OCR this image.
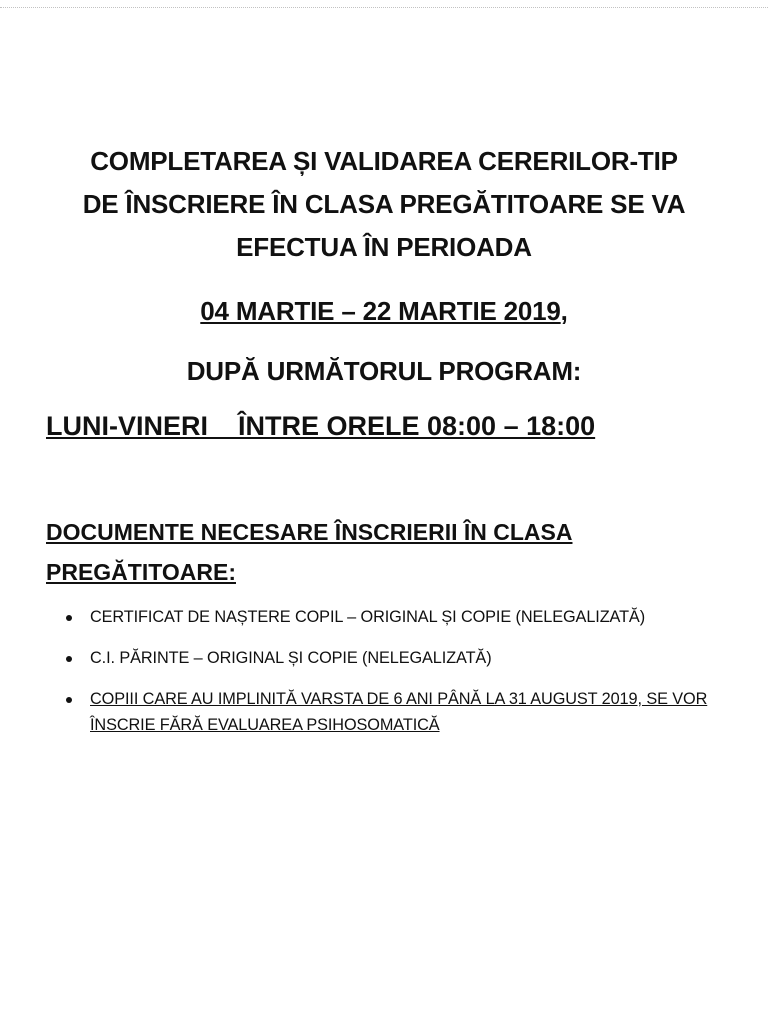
COMPLETAREA ȘI VALIDAREA CERERILOR-TIP
DE ÎNSCRIERE ÎN CLASA PREGĂTITOARE SE VA
EFECTUA ÎN PERIOADA
04 MARTIE – 22 MARTIE 2019,
DUPĂ URMĂTORUL PROGRAM:
LUNI-VINERI    ÎNTRE ORELE 08:00 – 18:00
DOCUMENTE NECESARE ÎNSCRIERII ÎN CLASA PREGĂTITOARE:
CERTIFICAT DE NAȘTERE COPIL – ORIGINAL ȘI COPIE (NELEGALIZATĂ)
C.I. PĂRINTE – ORIGINAL ȘI COPIE (NELEGALIZATĂ)
COPIII CARE AU IMPLINITĂ VARSTA DE 6 ANI PÂNĂ LA 31 AUGUST 2019, SE VOR ÎNSCRIE FĂRĂ EVALUAREA PSIHOSOMATICĂ
